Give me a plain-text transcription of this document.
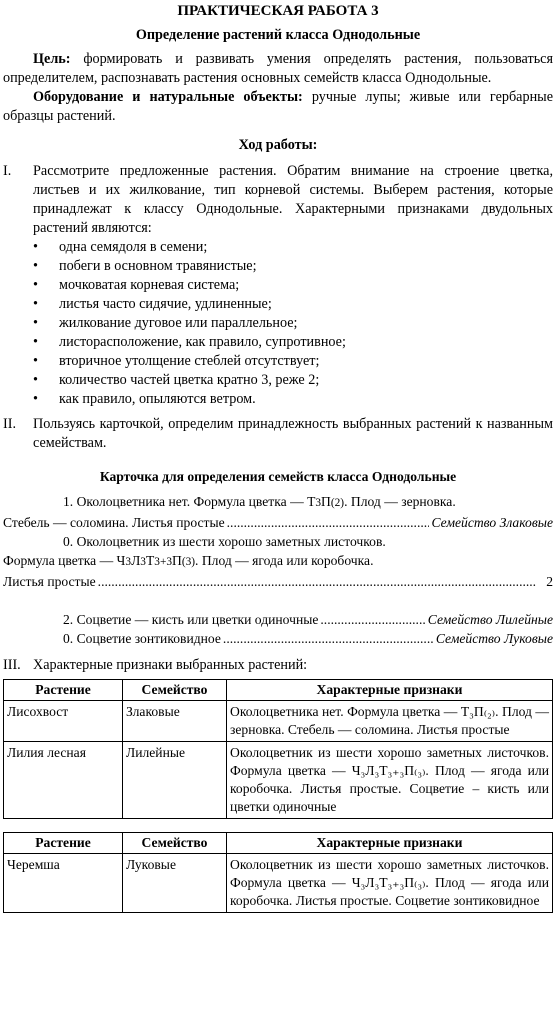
ПРАКТИЧЕСКАЯ РАБОТА 3
Определение растений класса Однодольные

Цель: формировать и развивать умения определять растения, пользоваться определителем, распознавать растения основных семейств класса Однодольные.

Оборудование и натуральные объекты: ручные лупы; живые или гербарные образцы растений.

Ход работы:
I.	Рассмотрите предложенные растения. Обратим внимание на строение цветка, листьев и их жилкование, тип корневой системы. Выберем растения, которые принадлежат к классу Однодольные. Характерными признаками двудольных растений являются:
•	одна семядоля в семени;
•	побеги в основном травянистые;
•	мочковатая корневая система;
•	листья часто сидячие, удлиненные;
•	жилкование дуговое или параллельное;
•	листорасположение, как правило, супротивное;
•	вторичное утолщение стеблей отсутствует;
•	количество частей цветка кратно 3, реже 2;
•	как правило, опыляются ветром.
II.	Пользуясь карточкой, определим принадлежность выбранных растений к названным семействам.
Карточка для определения семейств класса Однодольные
1. Околоцветника нет. Формула цветка — Т 3 П (2) . Плод — зерновка.
Стебель — соломина. Листья простые .....	Семейство Злаковые
0. Околоцветник из шести хорошо заметных листочков.
Формула цветка — Ч 3 Л 3 Т 3+3 П (3) . Плод — ягода или коробочка.
Листья простые .....	2
2. Соцветие — кисть или цветки одиночные .....	Семейство Лилейные
0. Соцветие зонтиковидное .....	Семейство Луковые
III. Характерные признаки выбранных растений:
Растение	Семейство	Характерные признаки
Лисохвост	Злаковые	Околоцветника нет. Формула цветка — Т₃П₍₂₎. Плод — зерновка. Стебель — соломина. Листья простые
Лилия лесная	Лилейные	Околоцветник из шести хорошо заметных листочков. Формула цветка — Ч₃Л₃Т₃₊₃П₍₃₎. Плод — ягода или коробочка. Листья простые. Соцветие – кисть или цветки одиночные
Растение	Семейство	Характерные признаки
Черемша	Луковые	Околоцветник из шести хорошо заметных листочков. Формула цветка — Ч₃Л₃Т₃₊₃П₍₃₎. Плод — ягода или коробочка. Листья простые. Соцветие зонтиковидное
